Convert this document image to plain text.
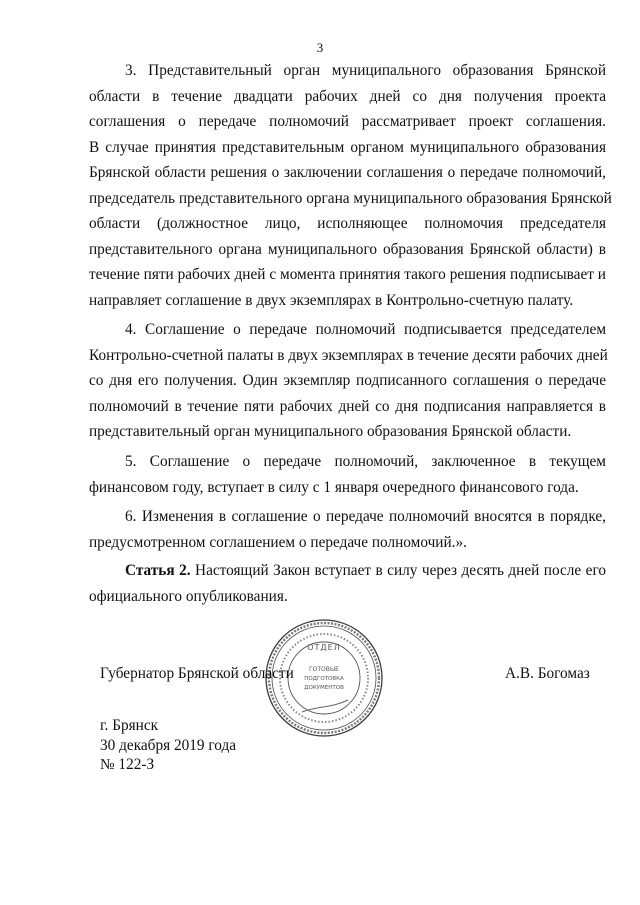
3
3. Представительный орган муниципального образования Брянской
области в течение двадцати рабочих дней со дня получения проекта
соглашения о передаче полномочий рассматривает проект соглашения.
В случае принятия представительным органом муниципального образования
Брянской области решения о заключении соглашения о передаче полномочий,
председатель представительного органа муниципального образования Брянской
области (должностное лицо, исполняющее полномочия председателя
представительного органа муниципального образования Брянской области) в
течение пяти рабочих дней с момента принятия такого решения подписывает и
направляет соглашение в двух экземплярах в Контрольно-счетную палату.
4. Соглашение о передаче полномочий подписывается председателем
Контрольно-счетной палаты в двух экземплярах в течение десяти рабочих дней
со дня его получения. Один экземпляр подписанного соглашения о передаче
полномочий в течение пяти рабочих дней со дня подписания направляется в
представительный орган муниципального образования Брянской области.
5. Соглашение о передаче полномочий, заключенное в текущем
финансовом году, вступает в силу с 1 января очередного финансового года.
6. Изменения в соглашение о передаче полномочий вносятся в порядке,
предусмотренном соглашением о передаче полномочий.».
Статья 2. Настоящий Закон вступает в силу через десять дней после его
официального опубликования.
ОТДЕЛ
ГОТОВЫЕ
ПОДГОТОВКА
ДОКУМЕНТОВ
Губернатор Брянской области	А.В. Богомаз
г. Брянск
30 декабря 2019 года
№ 122-З
